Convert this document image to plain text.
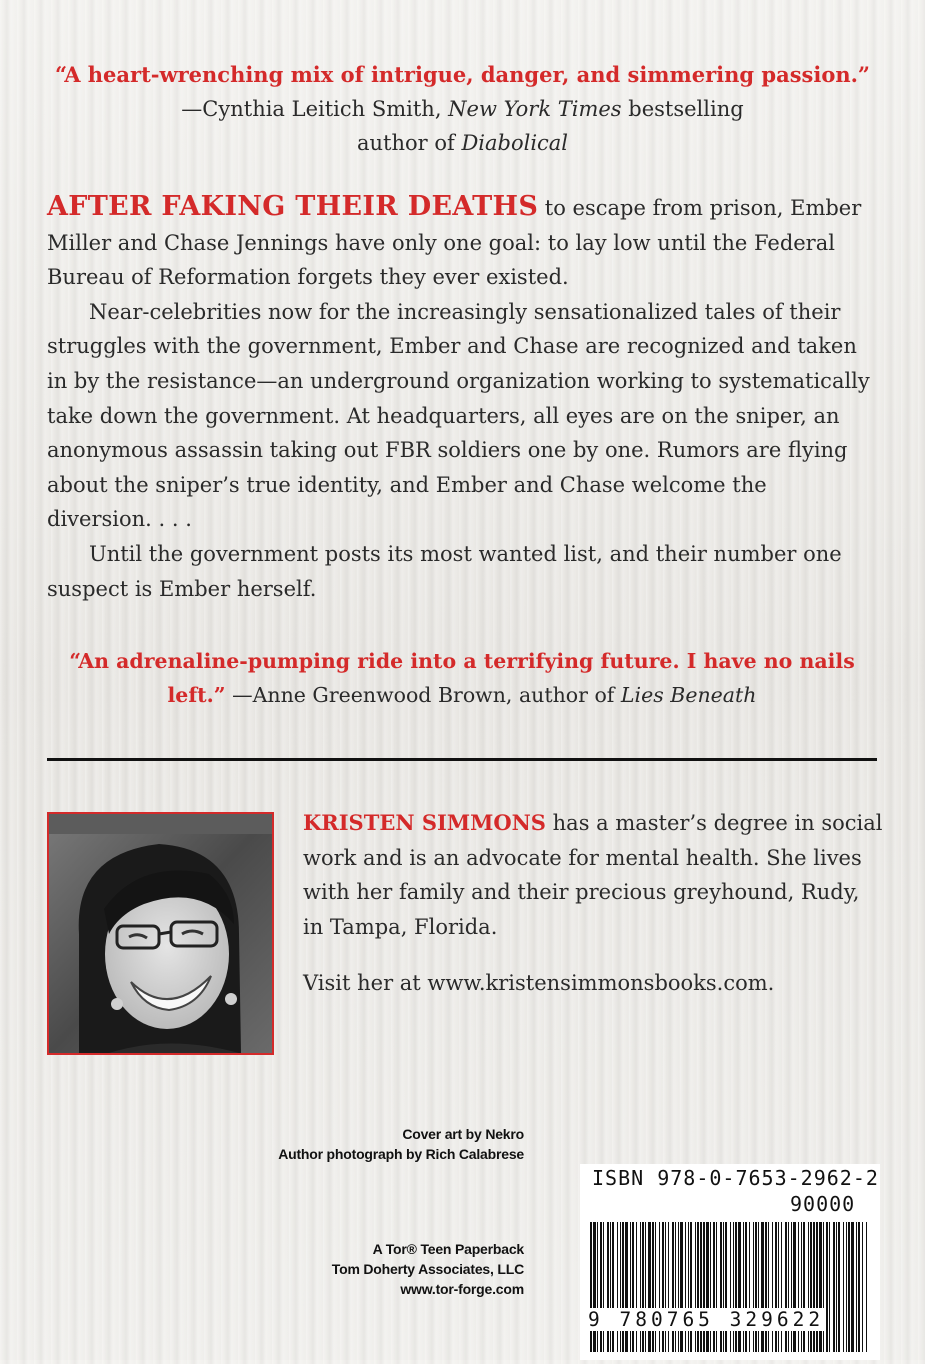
“A heart-wrenching mix of intrigue, danger, and simmering passion.”
—Cynthia Leitich Smith, New York Times bestselling
author of Diabolical

AFTER FAKING THEIR DEATHS to escape from prison, Ember Miller and Chase Jennings have only one goal: to lay low until the Federal Bureau of Reformation forgets they ever existed.

Near-celebrities now for the increasingly sensationalized tales of their struggles with the government, Ember and Chase are recognized and taken in by the resistance—an underground organization working to systematically take down the government. At headquarters, all eyes are on the sniper, an anonymous assassin taking out FBR soldiers one by one. Rumors are flying about the sniper’s true identity, and Ember and Chase welcome the diversion. . . .

Until the government posts its most wanted list, and their number one suspect is Ember herself.

“An adrenaline-pumping ride into a terrifying future. I have no nails left.” —Anne Greenwood Brown, author of Lies Beneath

KRISTEN SIMMONS has a master’s degree in social work and is an advocate for mental health. She lives with her family and their precious greyhound, Rudy, in Tampa, Florida.

Visit her at www.kristensimmonsbooks.com.

Cover art by Nekro
Author photograph by Rich Calabrese
A Tor® Teen Paperback
Tom Doherty Associates, LLC
www.tor-forge.com
ISBN 978-0-7653-2962-2
90000
9 780765 329622
